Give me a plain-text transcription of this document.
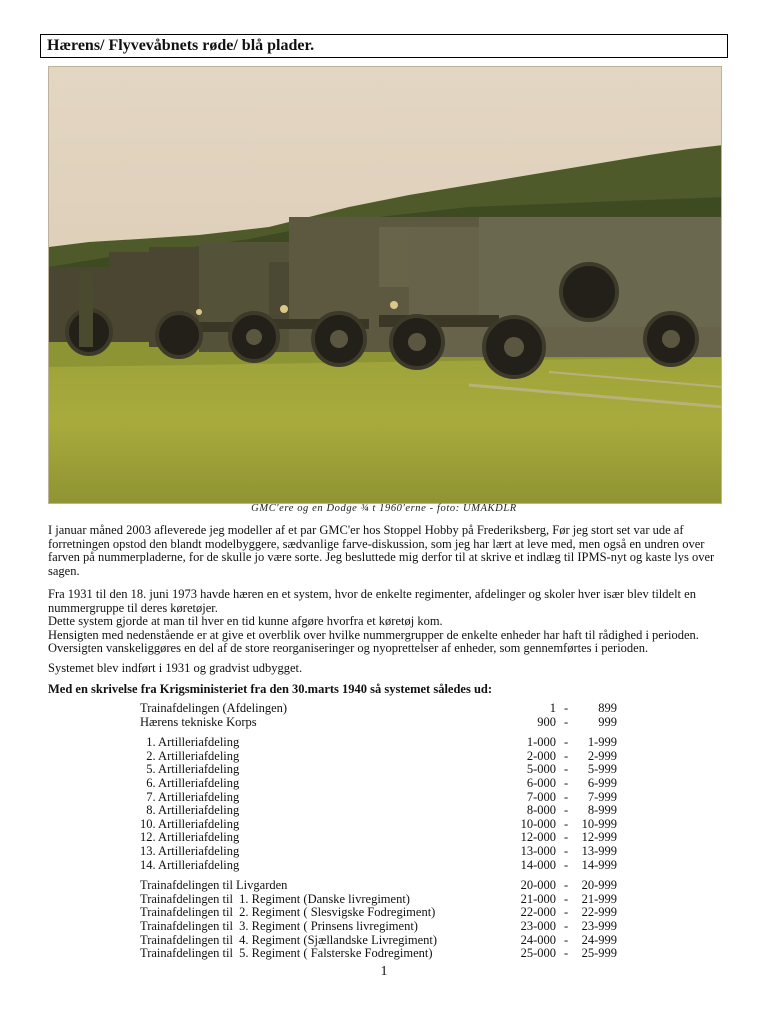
Hærens/ Flyvevåbnets røde/ blå plader.
GMC'ere og en Dodge ¾ t 1960'erne - foto: UMAKDLR
I januar måned 2003 afleverede jeg modeller af et par GMC'er hos Stoppel Hobby på Frederiksberg, Før jeg stort set var ude af forretningen opstod den blandt modelbyggere, sædvanlige farve-diskussion, som jeg har lært at leve med, men også en undren over farven på nummerpladerne, for de skulle jo være sorte. Jeg besluttede mig derfor til at skrive et indlæg til IPMS-nyt og kaste lys over sagen.
Fra 1931 til den 18. juni 1973 havde hæren en et system, hvor de enkelte regimenter, afdelinger og skoler hver især blev tildelt en nummergruppe til deres køretøjer.
Dette system gjorde at man til hver en tid kunne afgøre hvorfra et køretøj kom.
Hensigten med nedenstående er at give et overblik over hvilke nummergrupper de enkelte enheder har haft til rådighed i perioden.
Oversigten vanskeliggøres en del af de store reorganiseringer og nyoprettelser af enheder, som gennemførtes i perioden.
Systemet blev indført i 1931 og gradvist udbygget.
Med en skrivelse fra Krigsministeriet fra den 30.marts 1940 så systemet således ud:
Trainafdelingen (Afdelingen)	1 - 899
Hærens tekniske Korps	900 - 999
1. Artilleriafdeling	1-000 - 1-999
2. Artilleriafdeling	2-000 - 2-999
5. Artilleriafdeling	5-000 - 5-999
6. Artilleriafdeling	6-000 - 6-999
7. Artilleriafdeling	7-000 - 7-999
8. Artilleriafdeling	8-000 - 8-999
10. Artilleriafdeling	10-000 - 10-999
12. Artilleriafdeling	12-000 - 12-999
13. Artilleriafdeling	13-000 - 13-999
14. Artilleriafdeling	14-000 - 14-999
Trainafdelingen til Livgarden	20-000 - 20-999
Trainafdelingen til  1. Regiment (Danske livregiment)	21-000 - 21-999
Trainafdelingen til  2. Regiment ( Slesvigske Fodregiment)	22-000 - 22-999
Trainafdelingen til  3. Regiment ( Prinsens livregiment)	23-000 - 23-999
Trainafdelingen til  4. Regiment (Sjællandske Livregiment)	24-000 - 24-999
Trainafdelingen til  5. Regiment ( Falsterske Fodregiment)	25-000 - 25-999
1
